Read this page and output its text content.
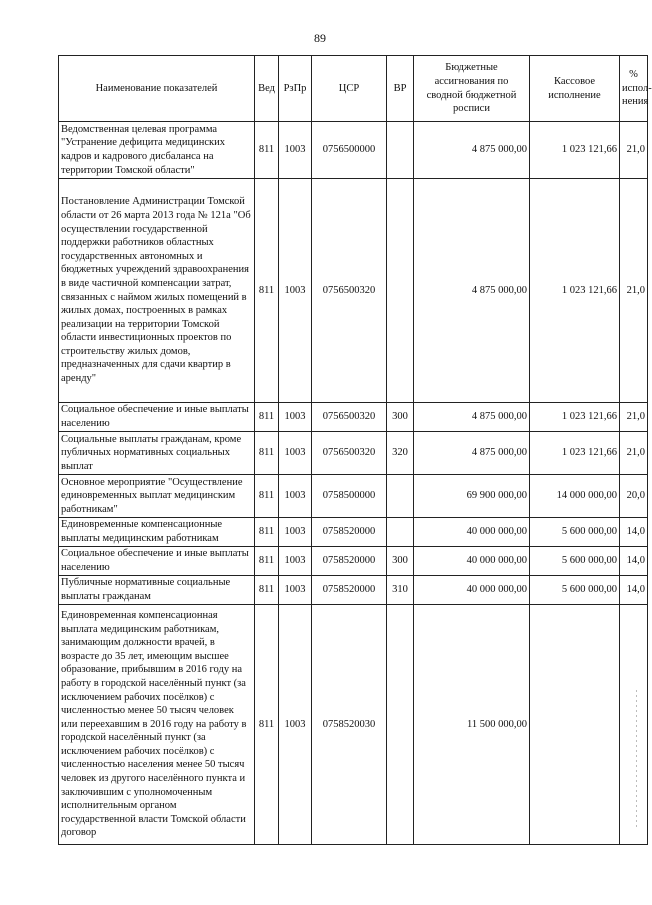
89
Наименование показателей	Вед	РзПр	ЦСР	ВР	Бюджетные ассигнования по сводной бюджетной росписи	Кассовое исполнение	% испол-нения
Ведомственная целевая программа "Устранение дефицита медицинских кадров и кадрового дисбаланса на территории Томской области"	811	1003	0756500000		4 875 000,00	1 023 121,66	21,0
Постановление Администрации Томской области от 26 марта 2013 года № 121а "Об осуществлении государственной поддержки работников областных государственных автономных и бюджетных учреждений здравоохранения в виде частичной компенсации затрат, связанных с наймом жилых помещений в жилых домах, построенных в рамках реализации на территории Томской области инвестиционных проектов по строительству жилых домов, предназначенных для сдачи квартир в аренду"	811	1003	0756500320		4 875 000,00	1 023 121,66	21,0
Социальное обеспечение и иные выплаты населению	811	1003	0756500320	300	4 875 000,00	1 023 121,66	21,0
Социальные выплаты гражданам, кроме публичных нормативных социальных выплат	811	1003	0756500320	320	4 875 000,00	1 023 121,66	21,0
Основное мероприятие "Осуществление единовременных выплат медицинским работникам"	811	1003	0758500000		69 900 000,00	14 000 000,00	20,0
Единовременные компенсационные выплаты медицинским работникам	811	1003	0758520000		40 000 000,00	5 600 000,00	14,0
Социальное обеспечение и иные выплаты населению	811	1003	0758520000	300	40 000 000,00	5 600 000,00	14,0
Публичные нормативные социальные выплаты гражданам	811	1003	0758520000	310	40 000 000,00	5 600 000,00	14,0
Единовременная компенсационная выплата медицинским работникам, занимающим должности врачей, в возрасте до 35 лет, имеющим высшее образование, прибывшим в 2016 году на работу в городской населённый пункт (за исключением рабочих посёлков) с численностью менее 50 тысяч человек или переехавшим в 2016 году на работу в городской населённый пункт (за исключением рабочих посёлков) с численностью населения менее 50 тысяч человек из другого населённого пункта и заключившим с уполномоченным исполнительным органом государственной власти Томской области договор	811	1003	0758520030		11 500 000,00		
